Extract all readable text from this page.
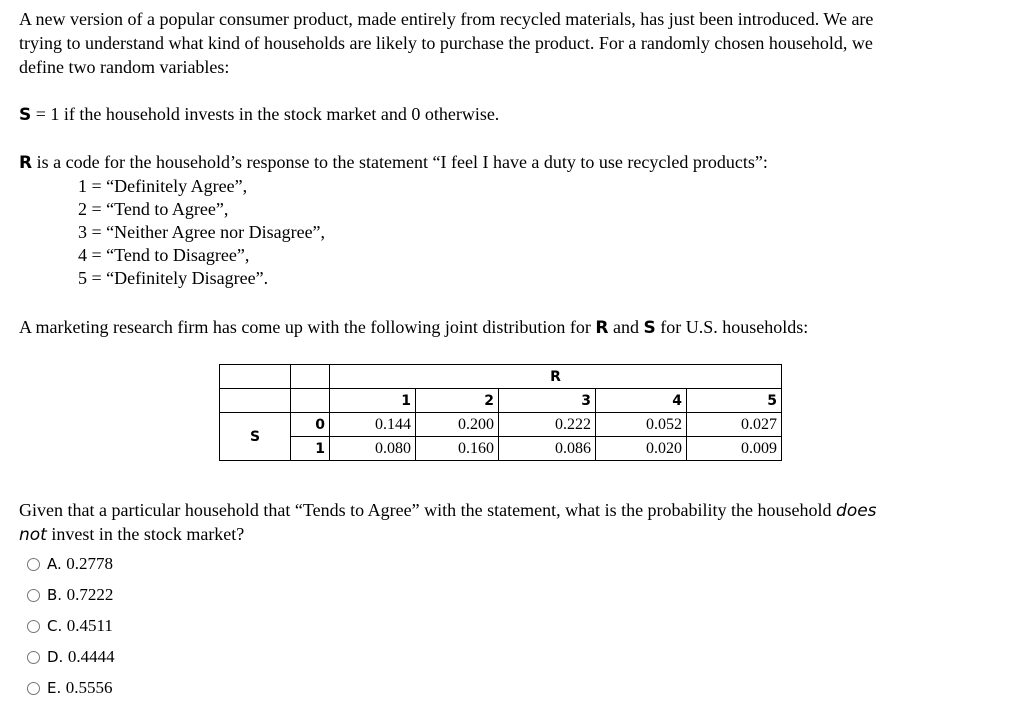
A new version of a popular consumer product, made entirely from recycled materials, has just been introduced. We are
trying to understand what kind of households are likely to purchase the product. For a randomly chosen household, we
define two random variables:
S = 1 if the household invests in the stock market and 0 otherwise.
R is a code for the household’s response to the statement “I feel I have a duty to use recycled products”:
1 = “Definitely Agree”,
2 = “Tend to Agree”,
3 = “Neither Agree nor Disagree”,
4 = “Tend to Disagree”,
5 = “Definitely Disagree”.
A marketing research firm has come up with the following joint distribution for R and S for U.S. households:
		R				
		1	2	3	4	5
S	0	0.144	0.200	0.222	0.052	0.027
	1	0.080	0.160	0.086	0.020	0.009
Given that a particular household that “Tends to Agree” with the statement, what is the probability the household does
not invest in the stock market?
A.
0.2778
B.
0.7222
C.
0.4511
D.
0.4444
E.
0.5556
